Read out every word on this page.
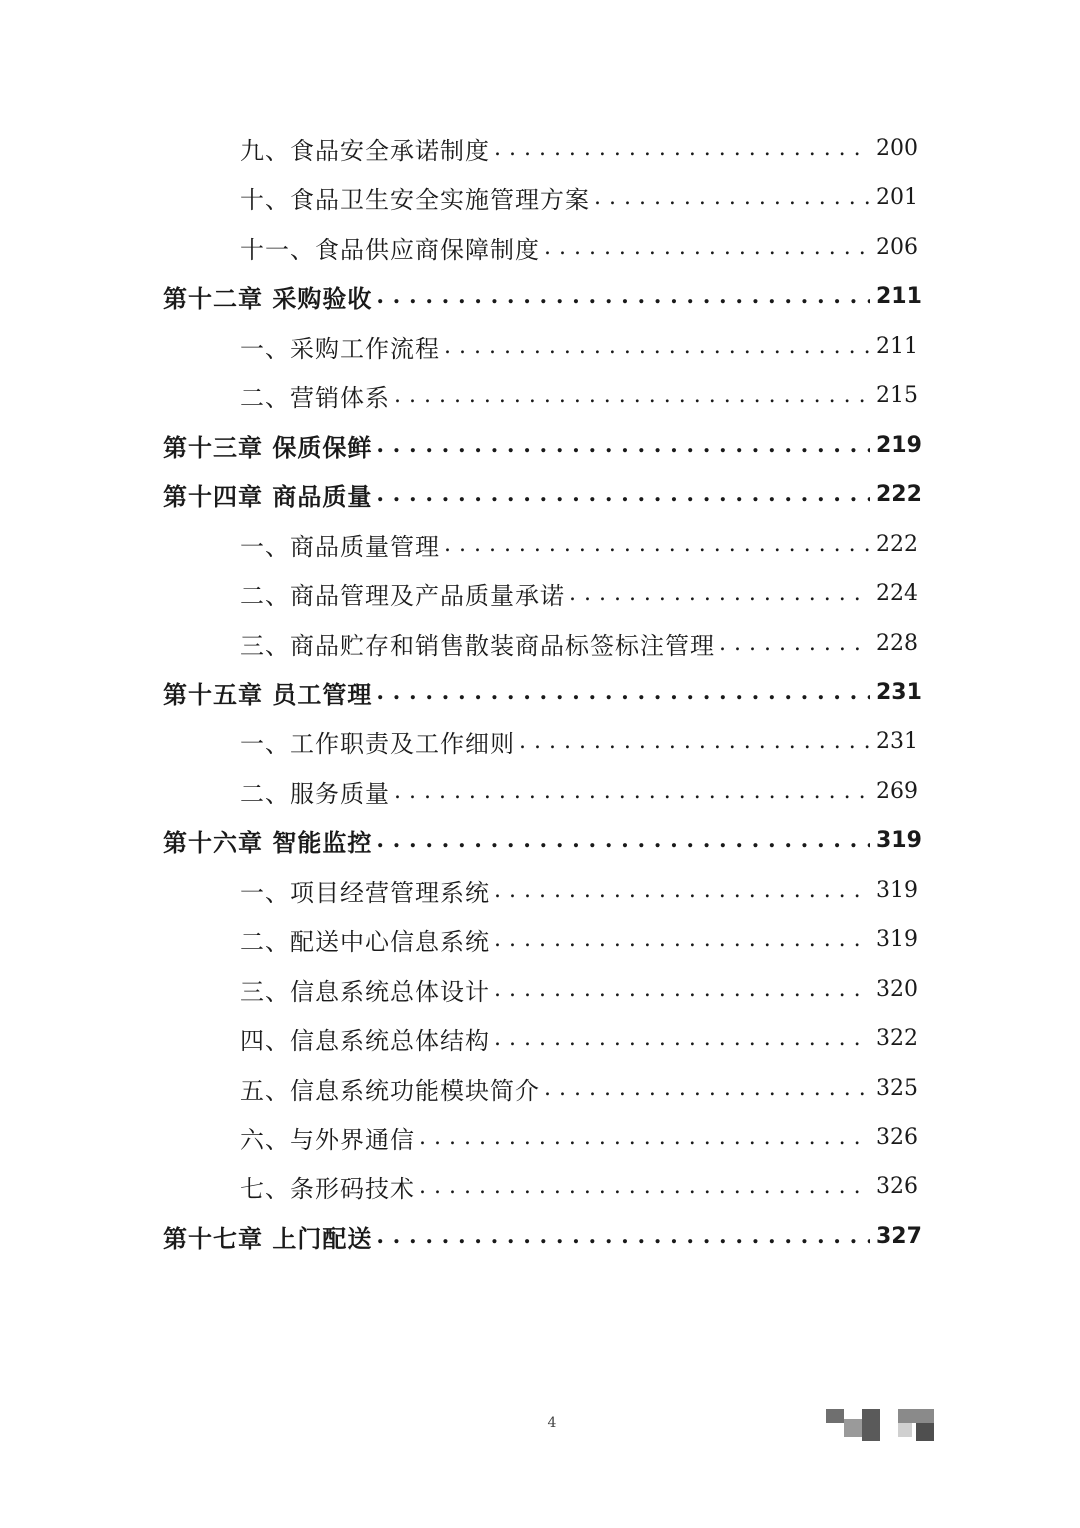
九、食品安全承诺制度 . . .	200
十、食品卫生安全实施管理方案 . . .	201
十一、食品供应商保障制度 . . .	206
第十二章 采购验收 . . .	211
一、采购工作流程 . . .	211
二、营销体系 . . .	215
第十三章 保质保鲜 . . .	219
第十四章 商品质量 . . .	222
一、商品质量管理 . . .	222
二、商品管理及产品质量承诺 . . .	224
三、商品贮存和销售散装商品标签标注管理 . . .	228
第十五章 员工管理 . . .	231
一、工作职责及工作细则 . . .	231
二、服务质量 . . .	269
第十六章 智能监控 . . .	319
一、项目经营管理系统 . . .	319
二、配送中心信息系统 . . .	319
三、信息系统总体设计 . . .	320
四、信息系统总体结构 . . .	322
五、信息系统功能模块简介 . . .	325
六、与外界通信 . . .	326
七、条形码技术 . . .	326
第十七章 上门配送 . . .	327
4
